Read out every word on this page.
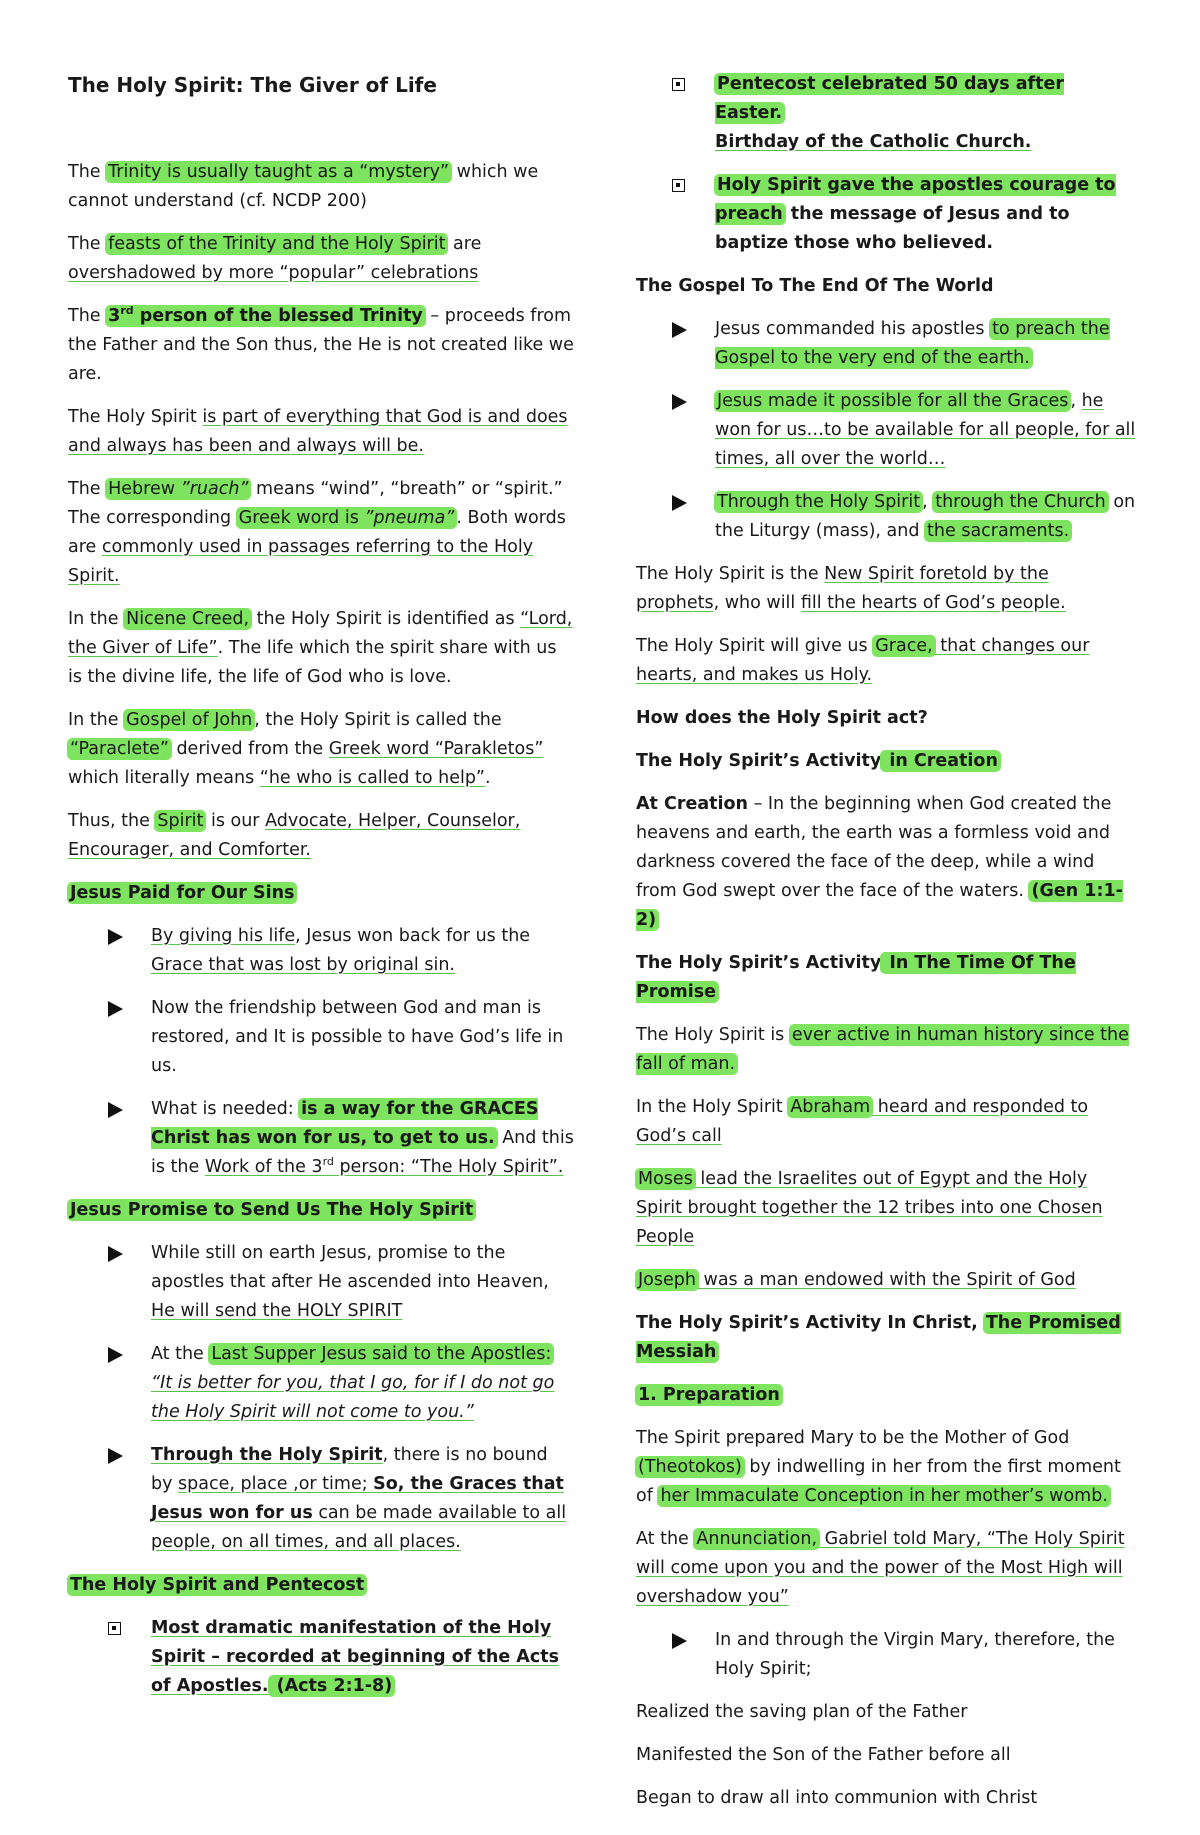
The Holy Spirit: The Giver of Life

The Trinity is usually taught as a “mystery” which we cannot understand (cf. NCDP 200)

The feasts of the Trinity and the Holy Spirit are overshadowed by more “popular” celebrations

The 3rd person of the blessed Trinity – proceeds from the Father and the Son thus, the He is not created like we are.

The Holy Spirit is part of everything that God is and does and always has been and always will be.

The Hebrew ”ruach” means “wind”, “breath” or “spirit.” The corresponding Greek word is ”pneuma” . Both words are commonly used in passages referring to the Holy Spirit.

In the Nicene Creed, the Holy Spirit is identified as “Lord, the Giver of Life”. The life which the spirit share with us is the divine life, the life of God who is love.

In the Gospel of John , the Holy Spirit is called the “Paraclete” derived from the Greek word “Parakletos” which literally means “he who is called to help”.

Thus, the Spirit is our Advocate, Helper, Counselor, Encourager, and Comforter.

Jesus Paid for Our Sins
By giving his life, Jesus won back for us the Grace that was lost by original sin.
Now the friendship between God and man is restored, and It is possible to have God’s life in us.
What is needed: is a way for the GRACES Christ has won for us, to get to us. And this is the Work of the 3rd person: “The Holy Spirit”.
Jesus Promise to Send Us The Holy Spirit
While still on earth Jesus, promise to the apostles that after He ascended into Heaven, He will send the HOLY SPIRIT
At the Last Supper Jesus said to the Apostles: “It is better for you, that I go, for if I do not go the Holy Spirit will not come to you.”
Through the Holy Spirit, there is no bound by space, place ,or time; So, the Graces that Jesus won for us can be made available to all people, on all times, and all places.
The Holy Spirit and Pentecost
Most dramatic manifestation of the Holy Spirit – recorded at beginning of the Acts of Apostles. (Acts 2:1-8)
Pentecost celebrated 50 days after Easter.
Birthday of the Catholic Church.
Holy Spirit gave the apostles courage to preach the message of Jesus and to baptize those who believed.
The Gospel To The End Of The World
Jesus commanded his apostles to preach the Gospel to the very end of the earth.
Jesus made it possible for all the Graces , he won for us…to be available for all people, for all times, all over the world…
Through the Holy Spirit , through the Church on the Liturgy (mass), and the sacraments.

The Holy Spirit is the New Spirit foretold by the prophets, who will fill the hearts of God’s people.

The Holy Spirit will give us Grace, that changes our hearts, and makes us Holy.

How does the Holy Spirit act?
The Holy Spirit’s Activity in Creation

At Creation – In the beginning when God created the heavens and earth, the earth was a formless void and darkness covered the face of the deep, while a wind from God swept over the face of the waters. (Gen 1:1-2)

The Holy Spirit’s Activity In The Time Of The Promise

The Holy Spirit is ever active in human history since the fall of man.

In the Holy Spirit Abraham heard and responded to God’s call

Moses lead the Israelites out of Egypt and the Holy Spirit brought together the 12 tribes into one Chosen People

Joseph was a man endowed with the Spirit of God

The Holy Spirit’s Activity In Christ, The Promised Messiah
1. Preparation

The Spirit prepared Mary to be the Mother of God (Theotokos) by indwelling in her from the first moment of her Immaculate Conception in her mother’s womb.

At the Annunciation, Gabriel told Mary, “The Holy Spirit will come upon you and the power of the Most High will overshadow you”

In and through the Virgin Mary, therefore, the Holy Spirit;

Realized the saving plan of the Father

Manifested the Son of the Father before all

Began to draw all into communion with Christ
